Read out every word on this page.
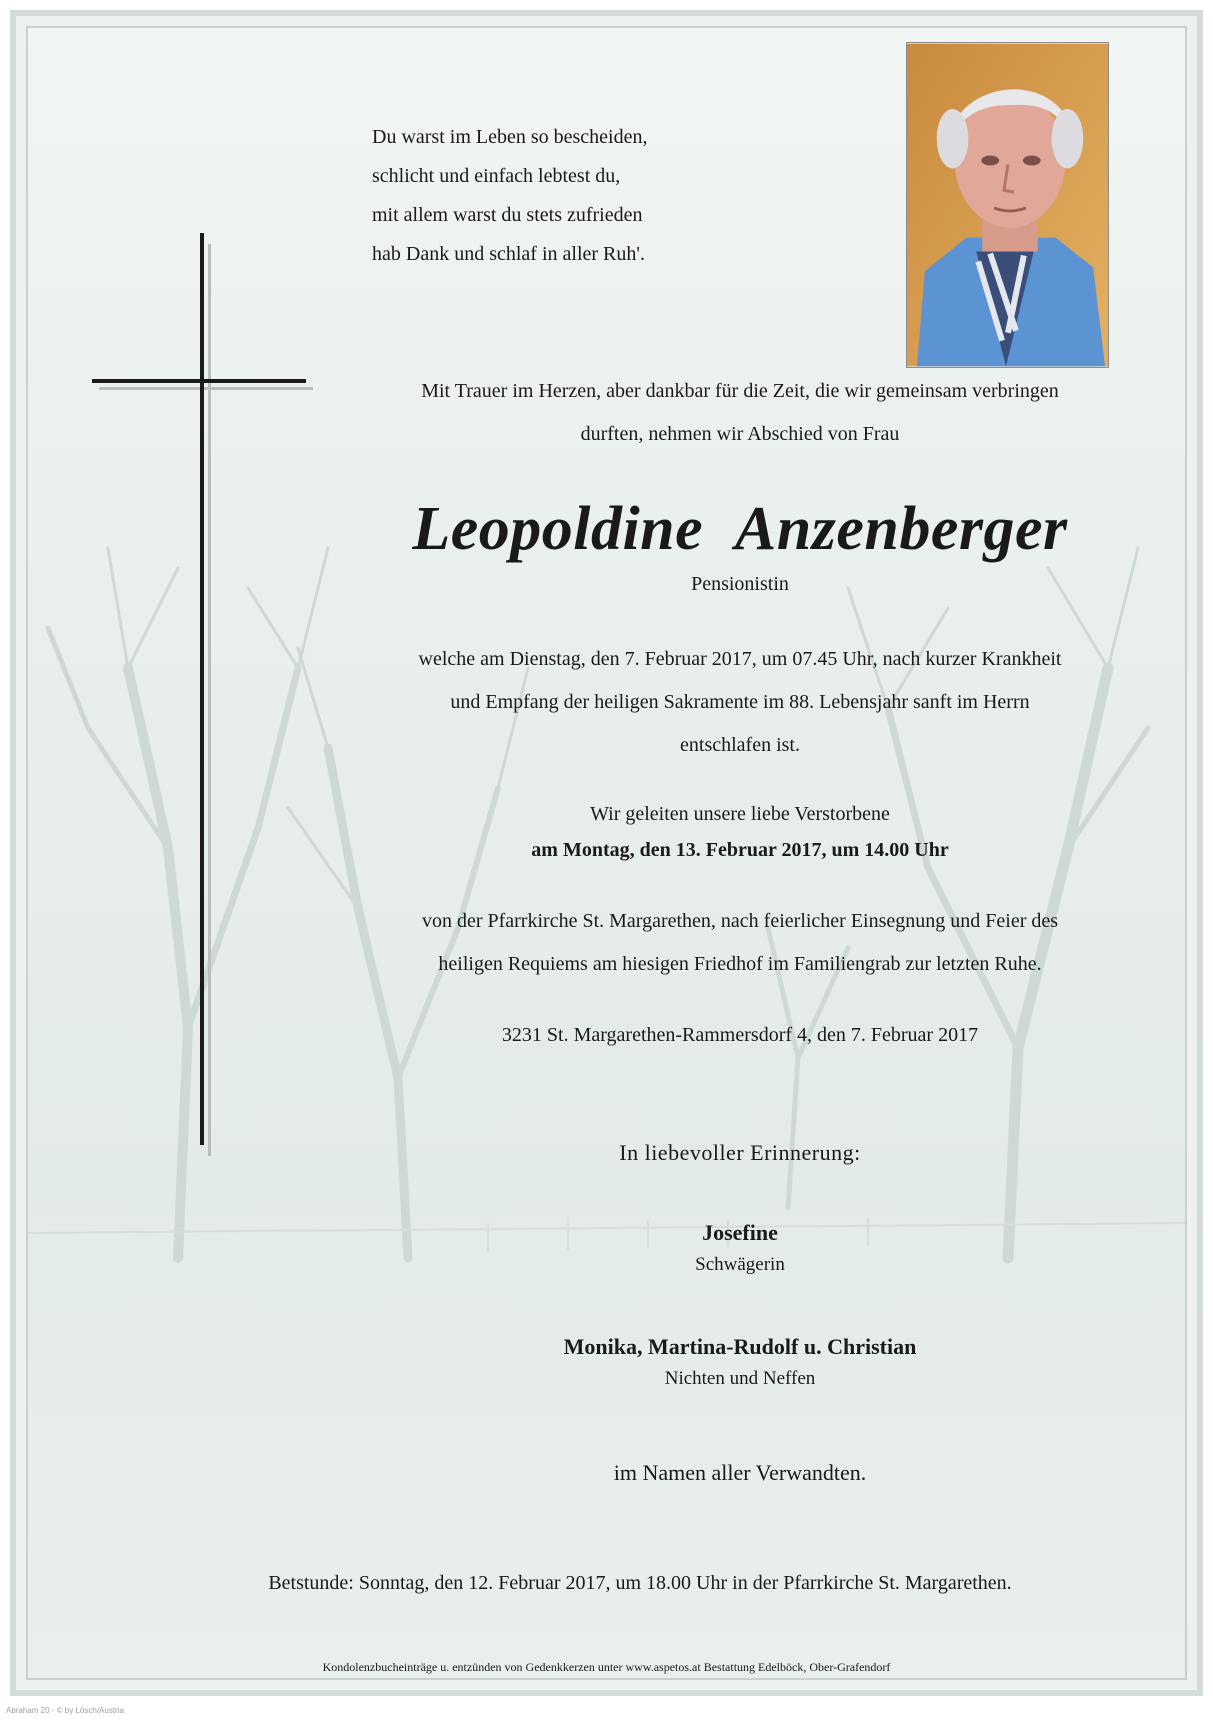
Du warst im Leben so bescheiden,
schlicht und einfach lebtest du,
mit allem warst du stets zufrieden
hab Dank und schlaf in aller Ruh'.
Mit Trauer im Herzen, aber dankbar für die Zeit, die wir gemeinsam verbringen
durften, nehmen wir Abschied von Frau
Leopoldine Anzenberger
Pensionistin
welche am Dienstag, den 7. Februar 2017, um 07.45 Uhr, nach kurzer Krankheit
und Empfang der heiligen Sakramente im 88. Lebensjahr sanft im Herrn
entschlafen ist.
Wir geleiten unsere liebe Verstorbene
am Montag, den 13. Februar 2017, um 14.00 Uhr
von der Pfarrkirche St. Margarethen, nach feierlicher Einsegnung und Feier des
heiligen Requiems am hiesigen Friedhof im Familiengrab zur letzten Ruhe.
3231 St. Margarethen-Rammersdorf 4, den 7. Februar 2017
In liebevoller Erinnerung:
Josefine
Schwägerin
Monika, Martina-Rudolf u. Christian
Nichten und Neffen
im Namen aller Verwandten.
Betstunde: Sonntag, den 12. Februar 2017, um 18.00 Uhr in der Pfarrkirche St. Margarethen.
Kondolenzbucheinträge u. entzünden von Gedenkkerzen unter www.aspetos.at Bestattung Edelböck, Ober-Grafendorf
Abraham 20 - © by Lösch/Austria
